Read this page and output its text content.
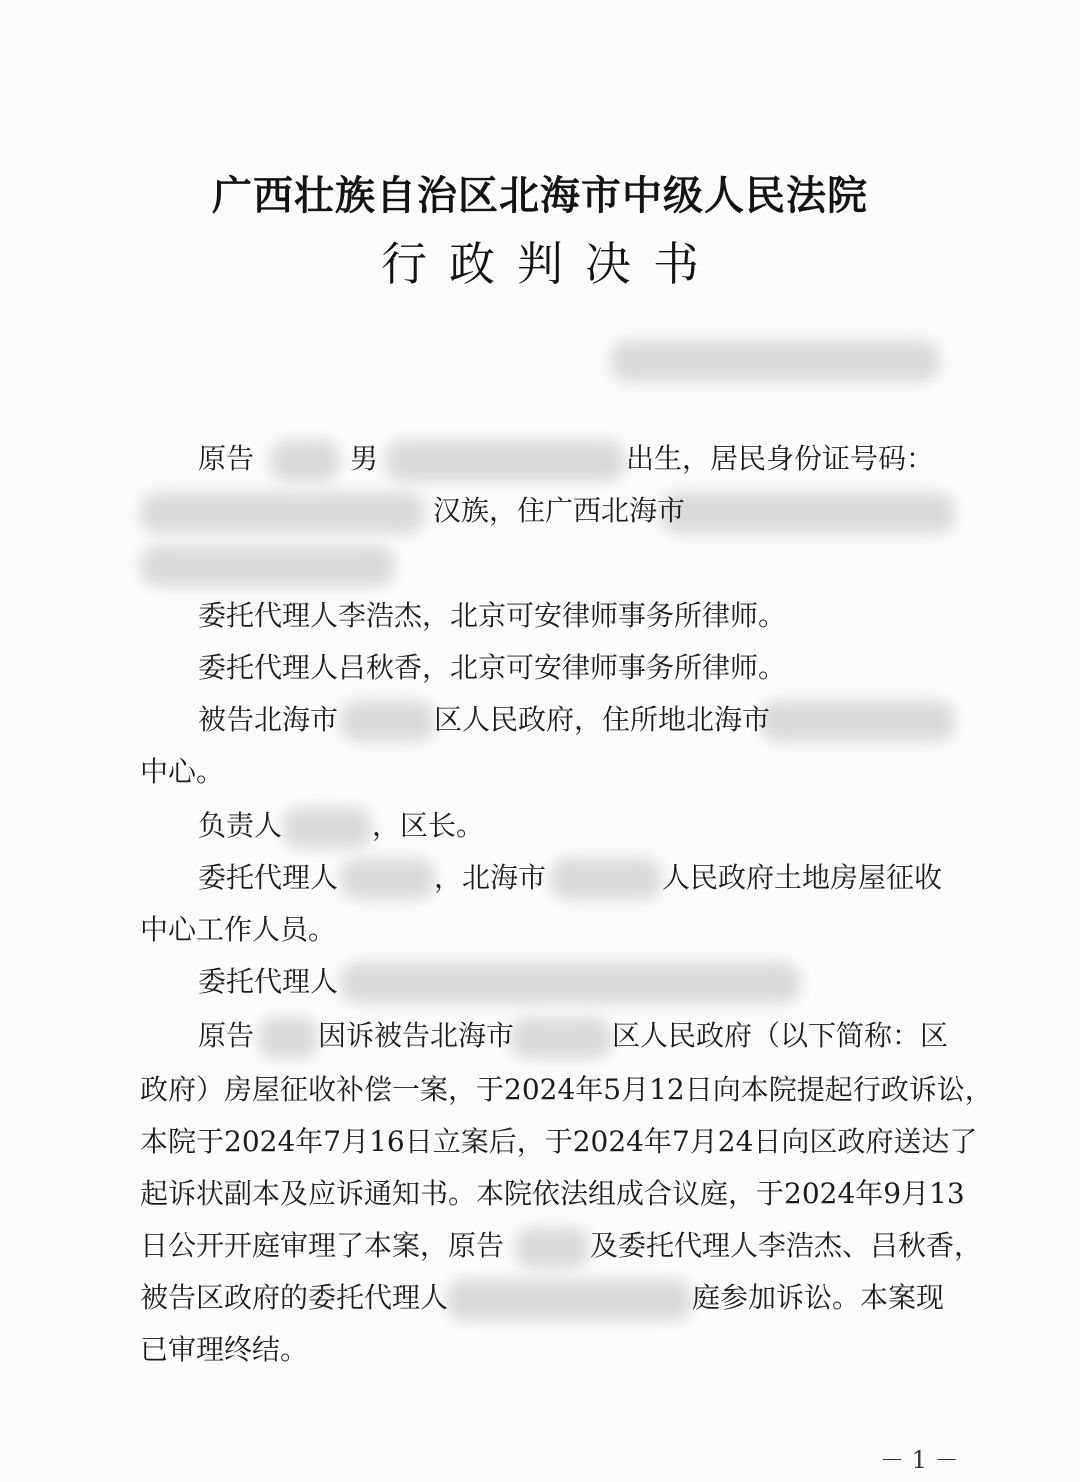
广西壮族自治区北海市中级人民法院
行政判决书
原告	男	出生，居民身份证号码：
汉族，住广西北海市
委托代理人李浩杰，北京可安律师事务所律师。
委托代理人吕秋香，北京可安律师事务所律师。
被告北海市	区人民政府，住所地北海市
中心。
负责人	，区长。
委托代理人	，北海市	人民政府土地房屋征收
中心工作人员。
委托代理人
原告 因诉被告北海市	区人民政府（以下简称：区
政府）房屋征收补偿一案，于2024年5月12日向本院提起行政诉讼，
本院于2024年7月16日立案后，于2024年7月24日向区政府送达了
起诉状副本及应诉通知书。本院依法组成合议庭，于2024年9月13
日公开开庭审理了本案，原告	及委托代理人李浩杰、吕秋香，
被告区政府的委托代理人	庭参加诉讼。本案现
已审理终结。
－ 1 －
